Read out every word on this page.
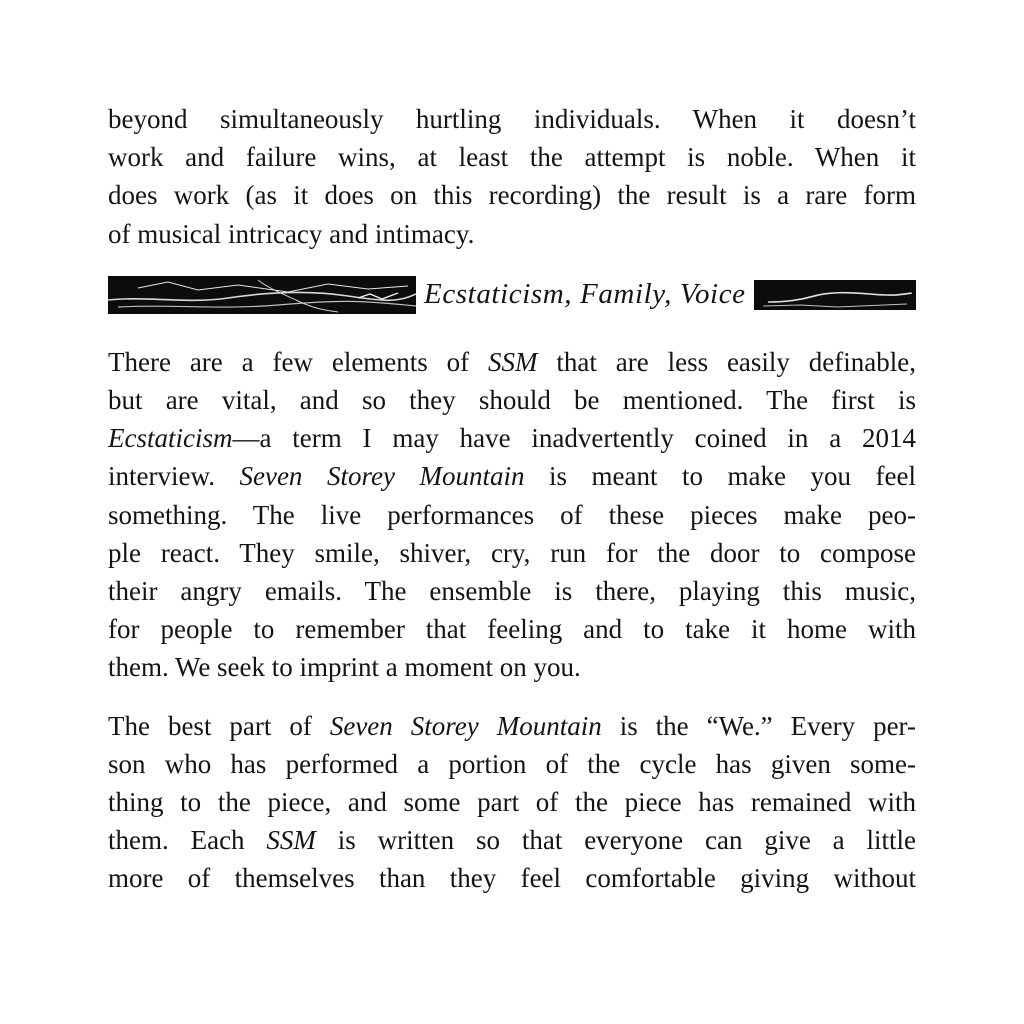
beyond simultaneously hurtling individuals. When it doesn’t
work and failure wins, at least the attempt is noble. When it
does work (as it does on this recording) the result is a rare form
of musical intricacy and intimacy.

Ecstaticism, Family, Voice

There are a few elements of SSM that are less easily definable,
but are vital, and so they should be mentioned. The first is
Ecstaticism—a term I may have inadvertently coined in a 2014
interview. Seven Storey Mountain is meant to make you feel
something. The live performances of these pieces make peo-
ple react. They smile, shiver, cry, run for the door to compose
their angry emails. The ensemble is there, playing this music,
for people to remember that feeling and to take it home with
them. We seek to imprint a moment on you.

The best part of Seven Storey Mountain is the “We.” Every per-
son who has performed a portion of the cycle has given some-
thing to the piece, and some part of the piece has remained with
them. Each SSM is written so that everyone can give a little
more of themselves than they feel comfortable giving without
